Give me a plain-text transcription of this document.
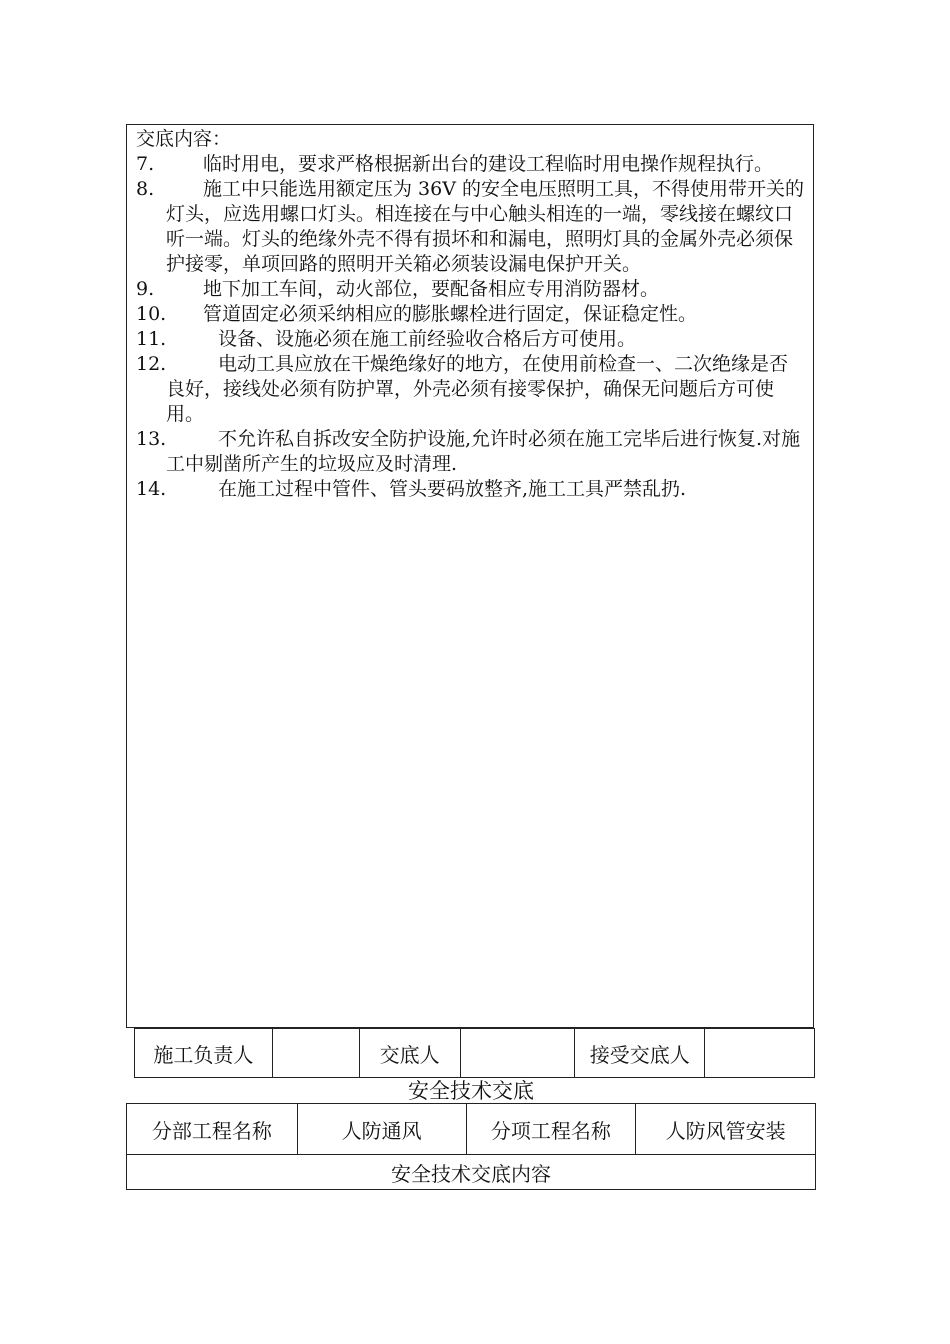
交底内容：
7.	临时用电，要求严格根据新出台的建设工程临时用电操作规程执行。
8.	施工中只能选用额定压为 36V 的安全电压照明工具，不得使用带开关的灯头，应选用螺口灯头。相连接在与中心触头相连的一端，零线接在螺纹口听一端。灯头的绝缘外壳不得有损坏和和漏电，照明灯具的金属外壳必须保护接零，单项回路的照明开关箱必须装设漏电保护开关。
9.	地下加工车间，动火部位，要配备相应专用消防器材。
10.	管道固定必须采纳相应的膨胀螺栓进行固定，保证稳定性。
11.	设备、设施必须在施工前经验收合格后方可使用。
12.	电动工具应放在干燥绝缘好的地方，在使用前检查一、二次绝缘是否良好，接线处必须有防护罩，外壳必须有接零保护，确保无问题后方可使用。
13.	不允许私自拆改安全防护设施,允许时必须在施工完毕后进行恢复.对施工中剔凿所产生的垃圾应及时清理.
14.	在施工过程中管件、管头要码放整齐,施工工具严禁乱扔.
施工负责人		交底人		接受交底人	
安全技术交底
分部工程名称	人防通风	分项工程名称	人防风管安装
安全技术交底内容
